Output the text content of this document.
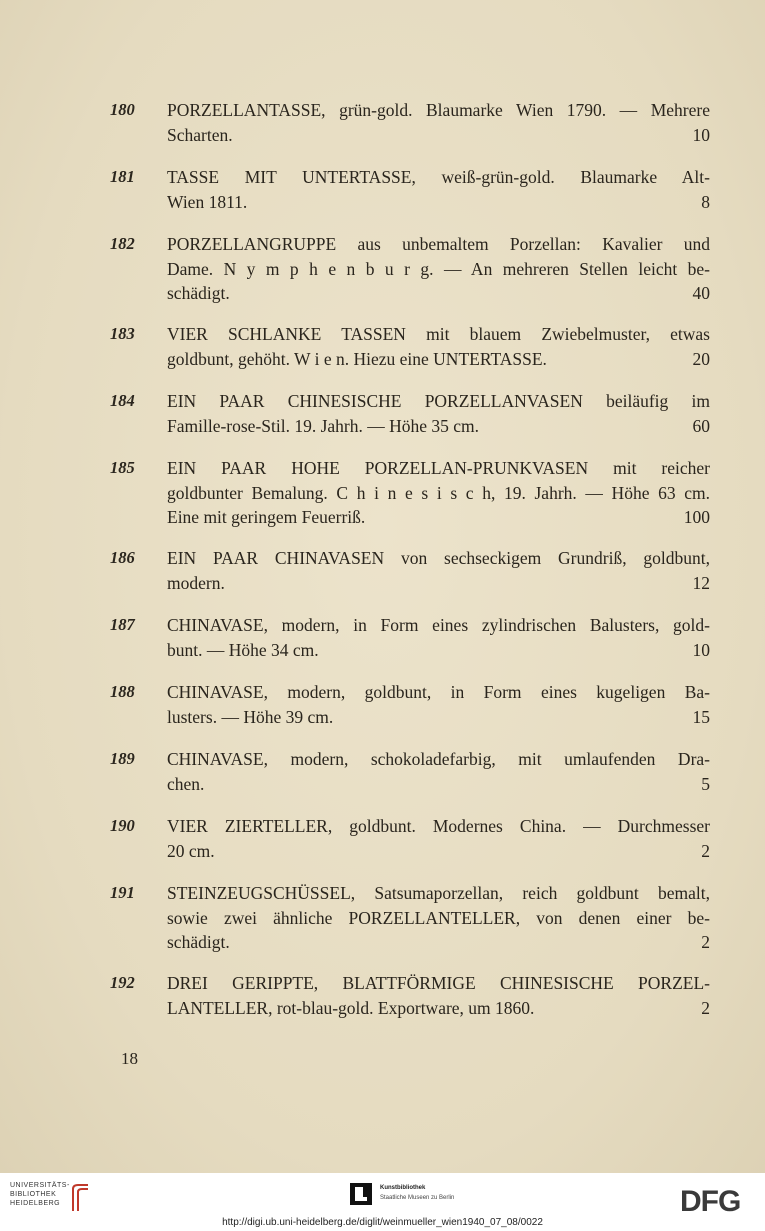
180	PORZELLANTASSE, grün-gold. Blaumarke Wien 1790. — Mehrere
Scharten.	10
181	TASSE MIT UNTERTASSE, weiß-grün-gold. Blaumarke Alt-
Wien 1811.	8
182	PORZELLANGRUPPE aus unbemaltem Porzellan: Kavalier und
Dame. N y m p h e n b u r g. — An mehreren Stellen leicht be-
schädigt.	40
183	VIER SCHLANKE TASSEN mit blauem Zwiebelmuster, etwas
goldbunt, gehöht. W i e n. Hiezu eine UNTERTASSE.	20
184	EIN PAAR CHINESISCHE PORZELLANVASEN beiläufig im
Famille-rose-Stil. 19. Jahrh. — Höhe 35 cm.	60
185	EIN PAAR HOHE PORZELLAN-PRUNKVASEN mit reicher
goldbunter Bemalung. C h i n e s i s c h, 19. Jahrh. — Höhe 63 cm.
Eine mit geringem Feuerriß.	100
186	EIN PAAR CHINAVASEN von sechseckigem Grundriß, goldbunt,
modern.	12
187	CHINAVASE, modern, in Form eines zylindrischen Balusters, gold-
bunt. — Höhe 34 cm.	10
188	CHINAVASE, modern, goldbunt, in Form eines kugeligen Ba-
lusters. — Höhe 39 cm.	15
189	CHINAVASE, modern, schokoladefarbig, mit umlaufenden Dra-
chen.	5
190	VIER ZIERTELLER, goldbunt. Modernes China. — Durchmesser
20 cm.	2
191	STEINZEUGSCHÜSSEL, Satsumaporzellan, reich goldbunt bemalt,
sowie zwei ähnliche PORZELLANTELLER, von denen einer be-
schädigt.	2
192	DREI GERIPPTE, BLATTFÖRMIGE CHINESISCHE PORZEL-
LANTELLER, rot-blau-gold. Exportware, um 1860.	2
18
UNIVERSITÄTS-
BIBLIOTHEK
HEIDELBERG
Kunstbibliothek
Staatliche Museen zu Berlin	DFG
http://digi.ub.uni-heidelberg.de/diglit/weinmueller_wien1940_07_08/0022
